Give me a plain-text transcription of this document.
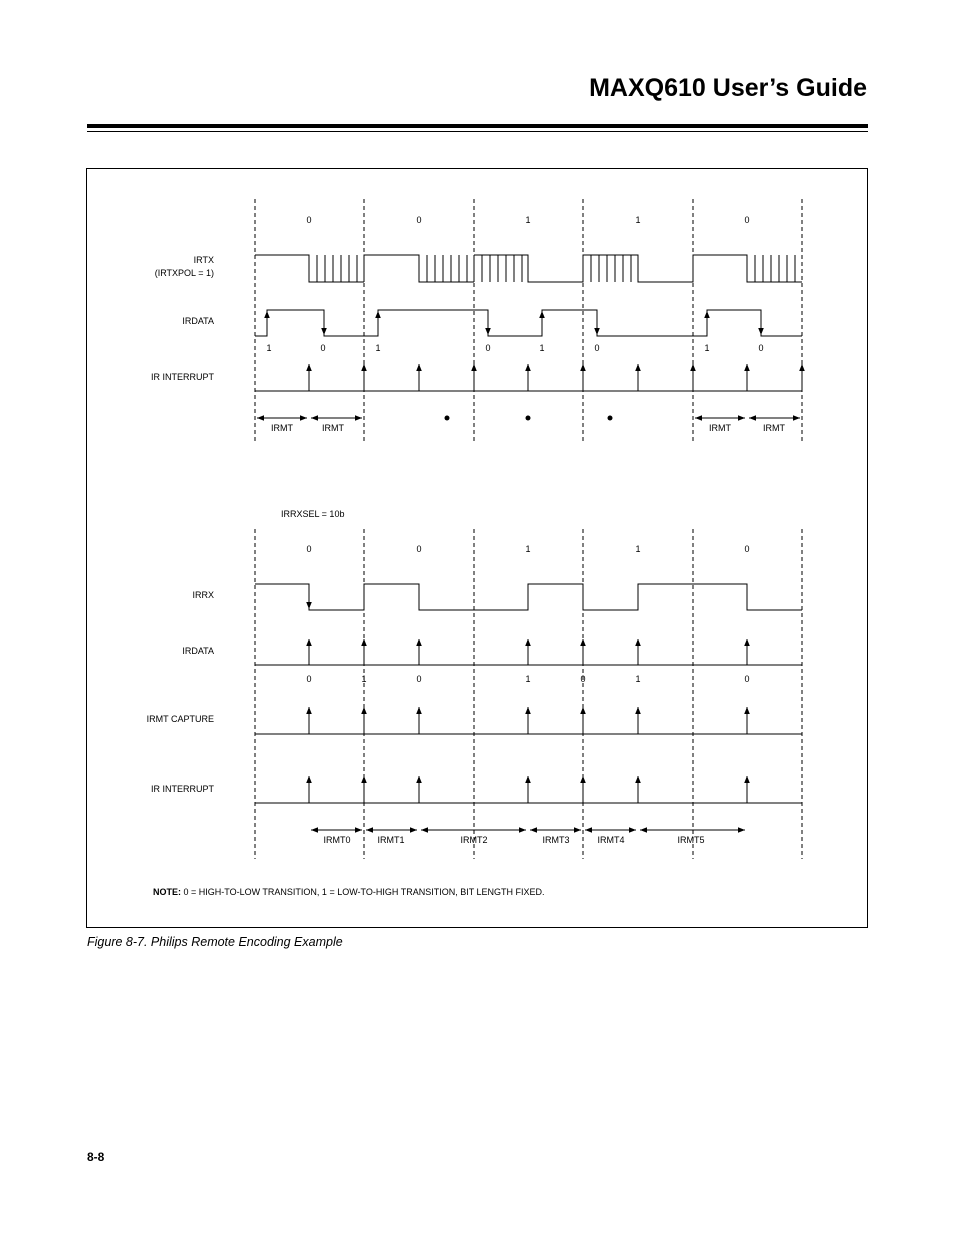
MAXQ610 User’s Guide
0	0	1	1	0
IRTX
(IRTXPOL = 1)
IRDATA
IR INTERRUPT
1	0	1	0	1	0	1	0
IRMT	IRMT	IRMT	IRMT
IRRXSEL = 10b
0	0	1	1	0
IRRX
IRDATA
IRMT CAPTURE
IR INTERRUPT
0	1	0	1	0	1	0
IRMT0	IRMT1	IRMT2	IRMT3	IRMT4	IRMT5
NOTE: 0 = HIGH-TO-LOW TRANSITION, 1 = LOW-TO-HIGH TRANSITION, BIT LENGTH FIXED.

Figure 8-7. Philips Remote Encoding Example

8-8
